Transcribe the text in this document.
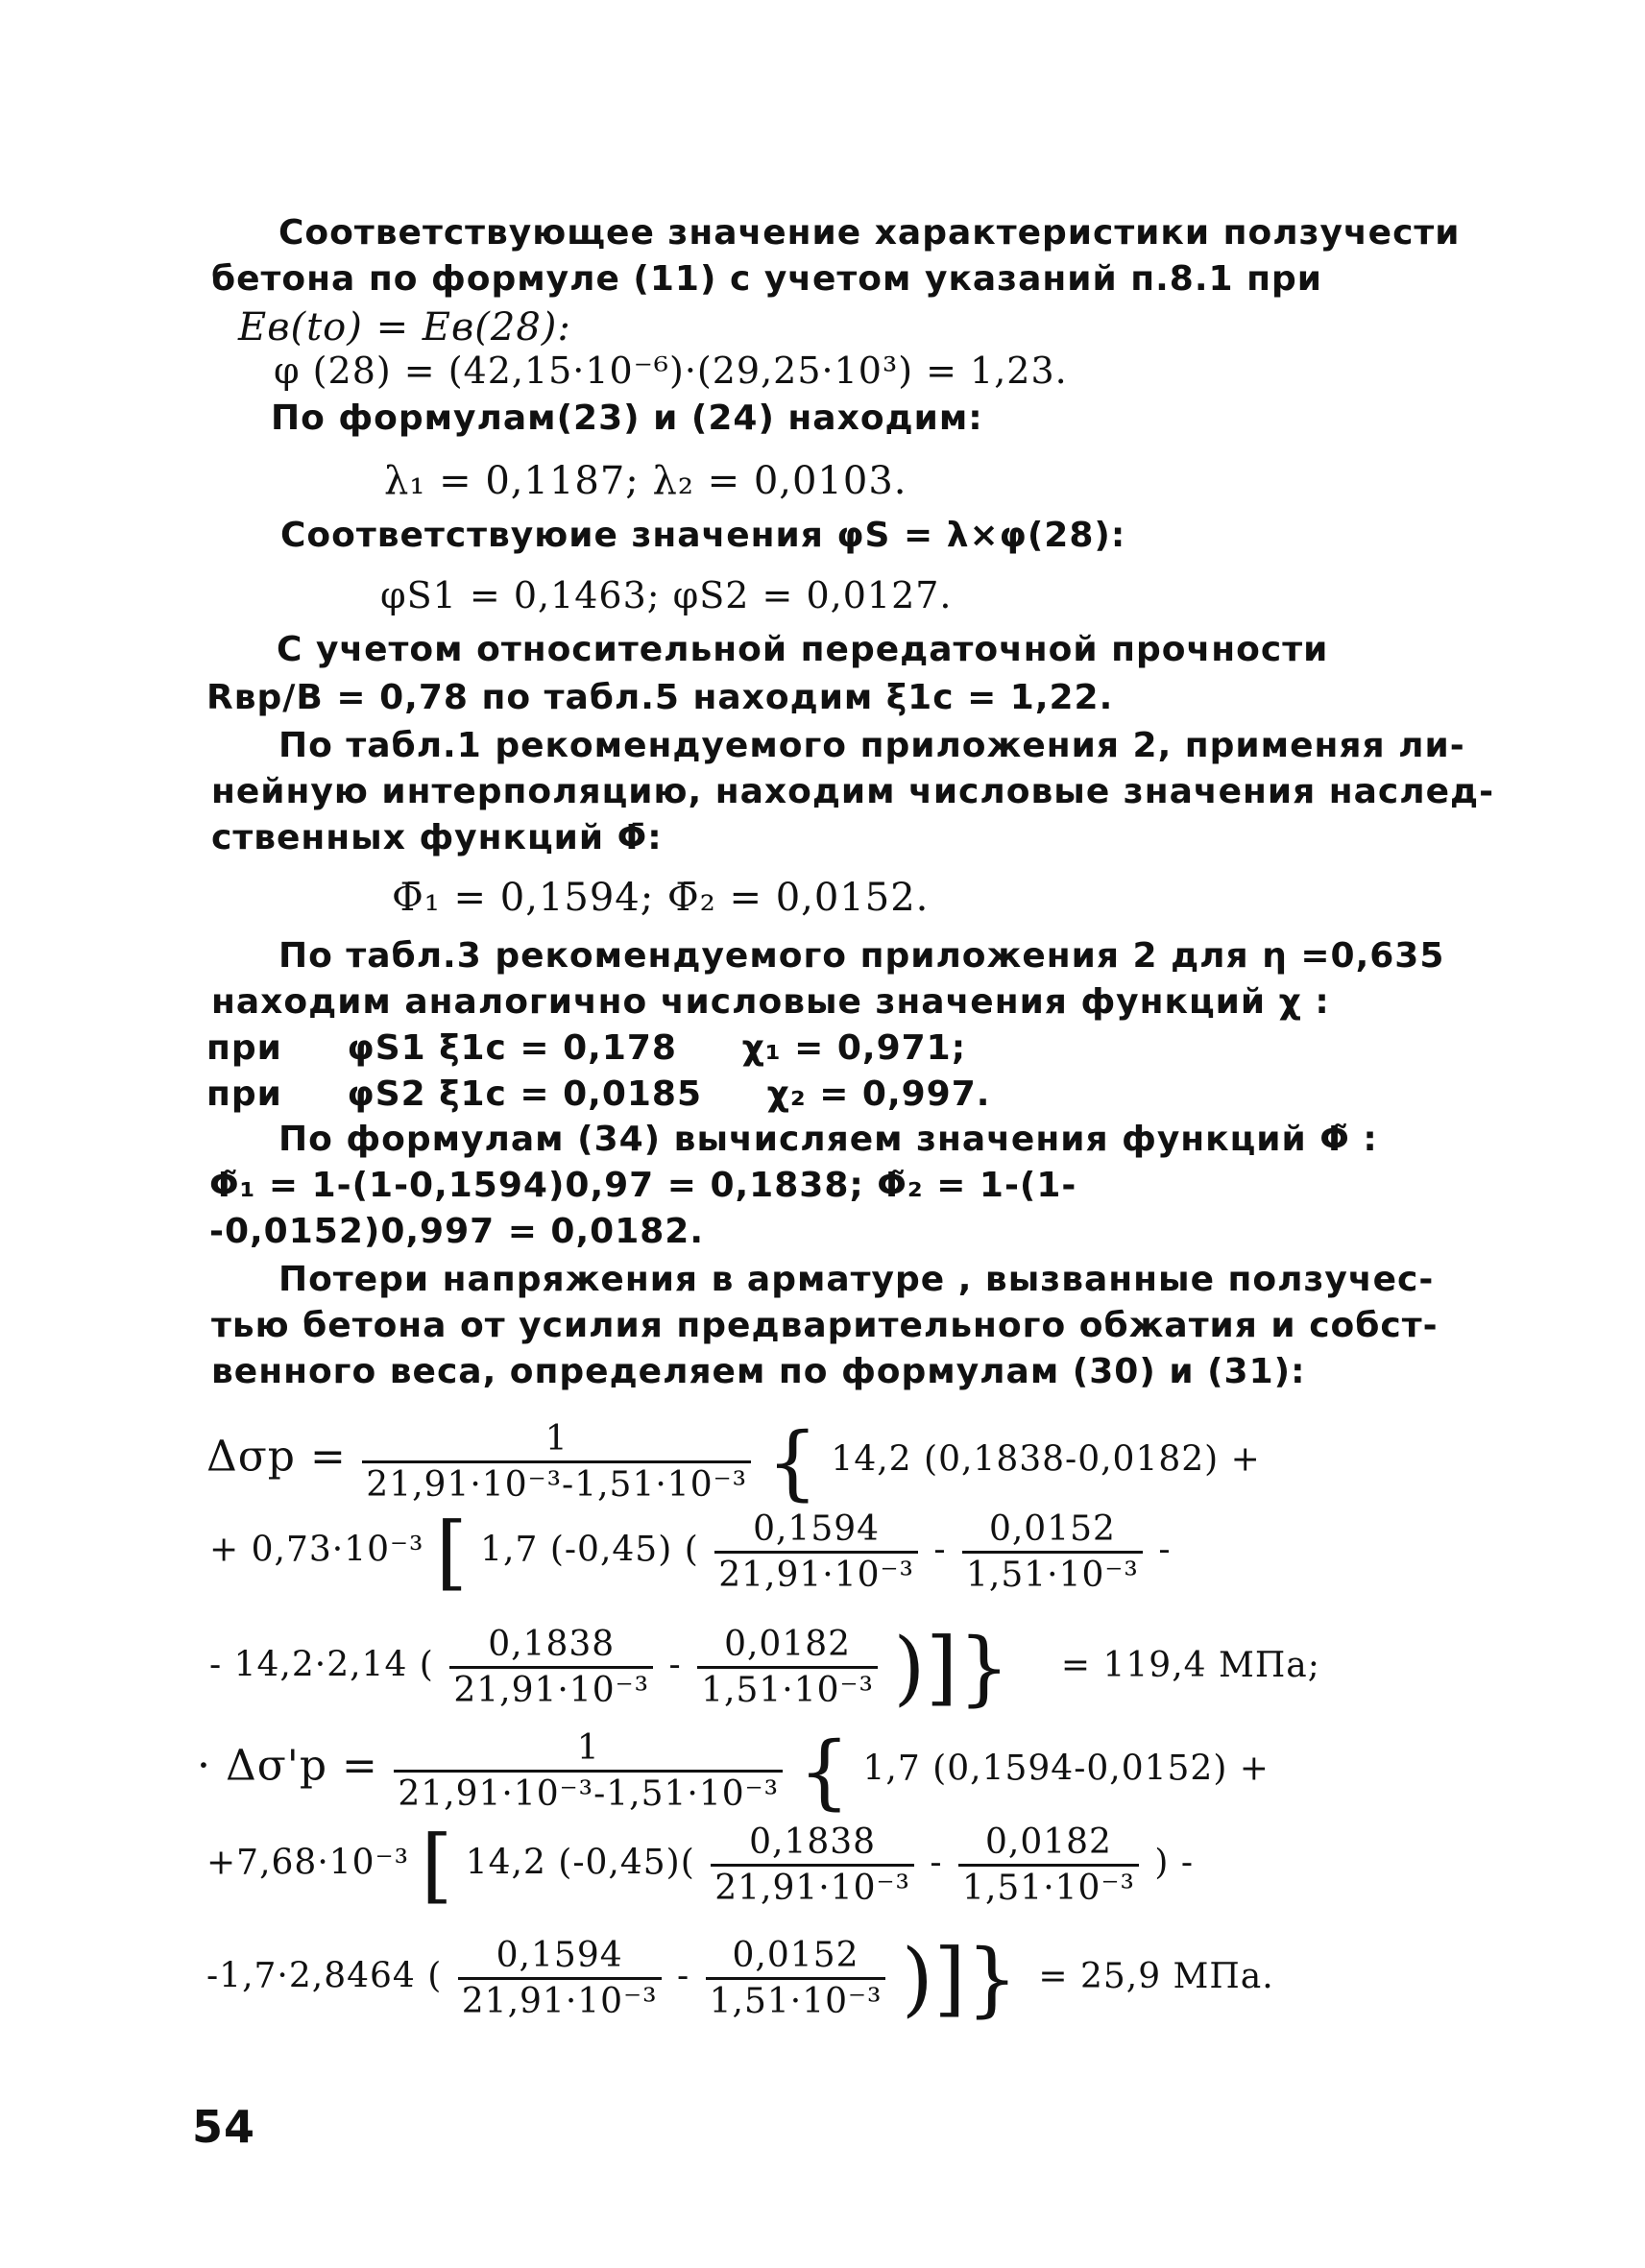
Соответствующее значение характеристики ползучести
бетона по формуле (11) с учетом указаний п.8.1 при
Eв(to) = Eв(28):
φ (28) = (42,15·10⁻⁶)·(29,25·10³) = 1,23.
По формулам(23) и (24) находим:
λ₁ = 0,1187; λ₂ = 0,0103.
Соответствуюие значения φS = λ×φ(28):
φS1 = 0,1463; φS2 = 0,0127.
С учетом относительной передаточной прочности
Rвр/B = 0,78 по табл.5 находим ξ1c = 1,22.
По табл.1 рекомендуемого приложения 2, применяя ли-
нейную интерполяцию, находим числовые значения наслед-
ственных функций Φ̄:
Φ̄₁ = 0,1594; Φ̄₂ = 0,0152.
По табл.3 рекомендуемого приложения 2 для η =0,635
находим аналогично числовые значения функций χ :
при     φS1 ξ1c = 0,178     χ₁ = 0,971;
при     φS2 ξ1c = 0,0185     χ₂ = 0,997.
По формулам (34) вычисляем значения функций Φ̃ :
Φ̃₁ = 1-(1-0,1594)0,97 = 0,1838; Φ̃₂ = 1-(1-
-0,0152)0,997 = 0,0182.
Потери напряжения в арматуре , вызванные ползучес-
тью бетона от усилия предварительного обжатия и собст-
венного веса, определяем по формулам (30) и (31):
$\Delta\sigma p = \frac{1}{\text{21,91·10⁻³-1,51·10⁻³}}$ { 14,2 (0,1838-0,0182) +
+ 0,73·10⁻³ [ 1,7 (-0,45) ( $\frac{0,1594}{\text{21,91·10⁻³}} - \frac{0,0152}{\text{1,51·10⁻³}}$ -
- 14,2·2,14 ( $\frac{0,1838}{\text{21,91·10⁻³}} - \frac{0,0182}{\text{1,51·10⁻³}}$ )]} = 119,4 МПа;
· $\Delta\sigma'p = \frac{1}{\text{21,91·10⁻³-1,51·10⁻³}}$ { 1,7 (0,1594-0,0152) +
+7,68·10⁻³ [ 14,2 $(-0,45)( \frac{0,1838}{\text{21,91·10⁻³}} - \frac{0,0182}{\text{1,51·10⁻³}}$ ) -
-1,7·2,8464 ( $\frac{0,1594}{\text{21,91·10⁻³}} - \frac{0,0152}{\text{1,51·10⁻³}}$ )]} = 25,9 МПа.
54
